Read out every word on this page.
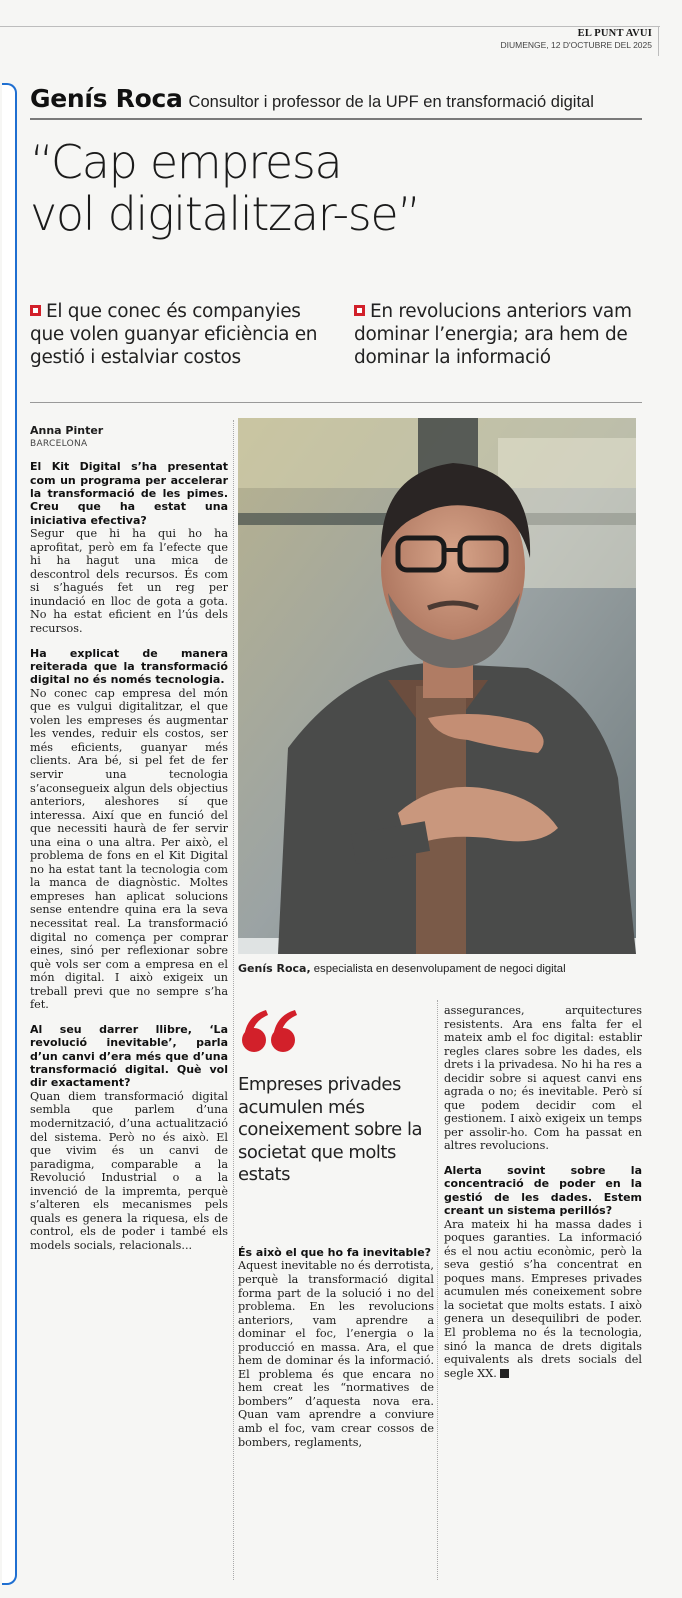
EL PUNT AVUI
DIUMENGE, 12 D'OCTUBRE DEL 2025
Genís Roca Consultor i professor de la UPF en transformació digital
“Cap empresa
vol digitalitzar-se”
El que conec és companyies que volen guanyar eficiència en gestió i estalviar costos
En revolucions anteriors vam dominar l’energia; ara hem de dominar la informació
Anna Pinter
BARCELONA

El Kit Digital s’ha presentat com un programa per accelerar la transformació de les pimes. Creu que ha estat una iniciativa efectiva?

Segur que hi ha qui ho ha aprofitat, però em fa l’efecte que hi ha hagut una mica de descontrol dels recursos. És com si s’hagués fet un reg per inundació en lloc de gota a gota. No ha estat eficient en l’ús dels recursos.

Ha explicat de manera reiterada que la transformació digital no és només tecnologia.

No conec cap empresa del món que es vulgui digitalitzar, el que volen les empreses és augmentar les vendes, reduir els costos, ser més eficients, guanyar més clients. Ara bé, si pel fet de fer servir una tecnologia s’aconsegueix algun dels objectius anteriors, aleshores sí que interessa. Així que en funció del que necessiti haurà de fer servir una eina o una altra. Per això, el problema de fons en el Kit Digital no ha estat tant la tecnologia com la manca de diagnòstic. Moltes empreses han aplicat solucions sense entendre quina era la seva necessitat real. La transformació digital no comença per comprar eines, sinó per reflexionar sobre què vols ser com a empresa en el món digital. I això exigeix un treball previ que no sempre s’ha fet.

Al seu darrer llibre, ‘La revolució inevitable’, parla d’un canvi d’era més que d’una transformació digital. Què vol dir exactament?

Quan diem transformació digital sembla que parlem d’una modernització, d’una actualització del sistema. Però no és això. El que vivim és un canvi de paradigma, comparable a la Revolució Industrial o a la invenció de la impremta, perquè s’alteren els mecanismes pels quals es genera la riquesa, els de control, els de poder i també els models socials, relacionals...

Genís Roca, especialista en desenvolupament de negoci digital
Empreses privades acumulen més coneixement sobre la societat que molts estats

És això el que ho fa inevitable?

Aquest inevitable no és derrotista, perquè la transformació digital forma part de la solució i no del problema. En les revolucions anteriors, vam aprendre a dominar el foc, l’energia o la producció en massa. Ara, el que hem de dominar és la informació. El problema és que encara no hem creat les “normatives de bombers” d’aquesta nova era. Quan vam aprendre a conviure amb el foc, vam crear cossos de bombers, reglaments,

assegurances, arquitectures resistents. Ara ens falta fer el mateix amb el foc digital: establir regles clares sobre les dades, els drets i la privadesa. No hi ha res a decidir sobre si aquest canvi ens agrada o no; és inevitable. Però sí que podem decidir com el gestionem. I això exigeix un temps per assolir-ho. Com ha passat en altres revolucions.

Alerta sovint sobre la concentració de poder en la gestió de les dades. Estem creant un sistema perillós?

Ara mateix hi ha massa dades i poques garanties. La informació és el nou actiu econòmic, però la seva gestió s’ha concentrat en poques mans. Empreses privades acumulen més coneixement sobre la societat que molts estats. I això genera un desequilibri de poder. El problema no és la tecnologia, sinó la manca de drets digitals equivalents als drets socials del segle XX.
